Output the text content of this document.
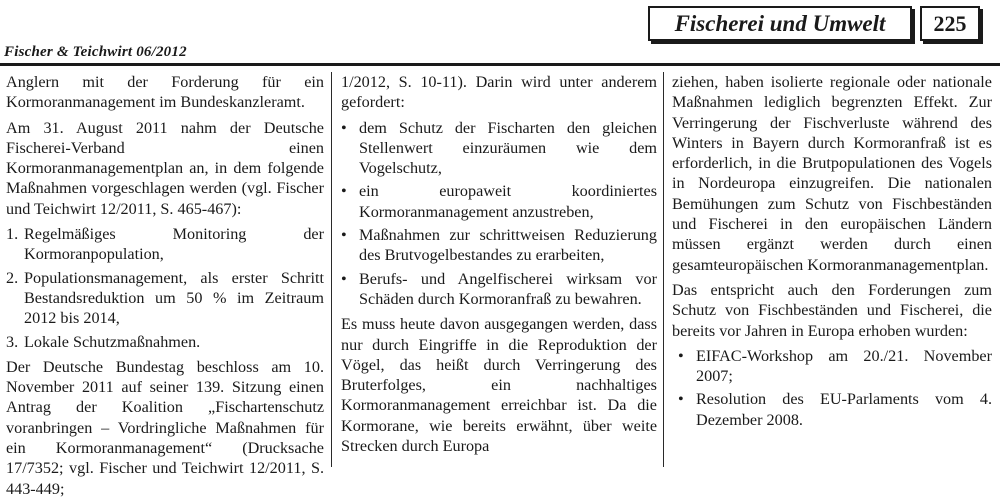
Fischer & Teichwirt 06/2012
Fischerei und Umwelt	225

Anglern mit der Forderung für ein Kormoranmanagement im Bundeskanzleramt.

Am 31. August 2011 nahm der Deutsche Fischerei-Verband einen Kormoranmanagementplan an, in dem folgende Maßnahmen vorgeschlagen werden (vgl. Fischer und Teichwirt 12/2011, S. 465-467):

1. Regelmäßiges Monitoring der Kormoranpopulation,
2. Populationsmanagement, als erster Schritt Bestandsreduktion um 50 % im Zeitraum 2012 bis 2014,
3. Lokale Schutzmaßnahmen.

Der Deutsche Bundestag beschloss am 10. November 2011 auf seiner 139. Sitzung einen Antrag der Koalition „Fischartenschutz voranbringen – Vordringliche Maßnahmen für ein Kormoranmanagement“ (Drucksache 17/7352; vgl. Fischer und Teichwirt 12/2011, S. 443-449;

1/2012, S. 10-11). Darin wird unter anderem gefordert:

• dem Schutz der Fischarten den gleichen Stellenwert einzuräumen wie dem Vogelschutz,
• ein europaweit koordiniertes Kormoranmanagement anzustreben,
• Maßnahmen zur schrittweisen Reduzierung des Brutvogelbestandes zu erarbeiten,
• Berufs- und Angelfischerei wirksam vor Schäden durch Kormoranfraß zu bewahren.

Es muss heute davon ausgegangen werden, dass nur durch Eingriffe in die Reproduktion der Vögel, das heißt durch Verringerung des Bruterfolges, ein nachhaltiges Kormoranmanagement erreichbar ist. Da die Kormorane, wie bereits erwähnt, über weite Strecken durch Europa

ziehen, haben isolierte regionale oder nationale Maßnahmen lediglich begrenzten Effekt. Zur Verringerung der Fischverluste während des Winters in Bayern durch Kormoranfraß ist es erforderlich, in die Brutpopulationen des Vogels in Nordeuropa einzugreifen. Die nationalen Bemühungen zum Schutz von Fischbeständen und Fischerei in den europäischen Ländern müssen ergänzt werden durch einen gesamteuropäischen Kormoranmanagementplan.

Das entspricht auch den Forderungen zum Schutz von Fischbeständen und Fischerei, die bereits vor Jahren in Europa erhoben wurden:

• EIFAC-Workshop am 20./21. November 2007;
• Resolution des EU-Parlaments vom 4. Dezember 2008.
